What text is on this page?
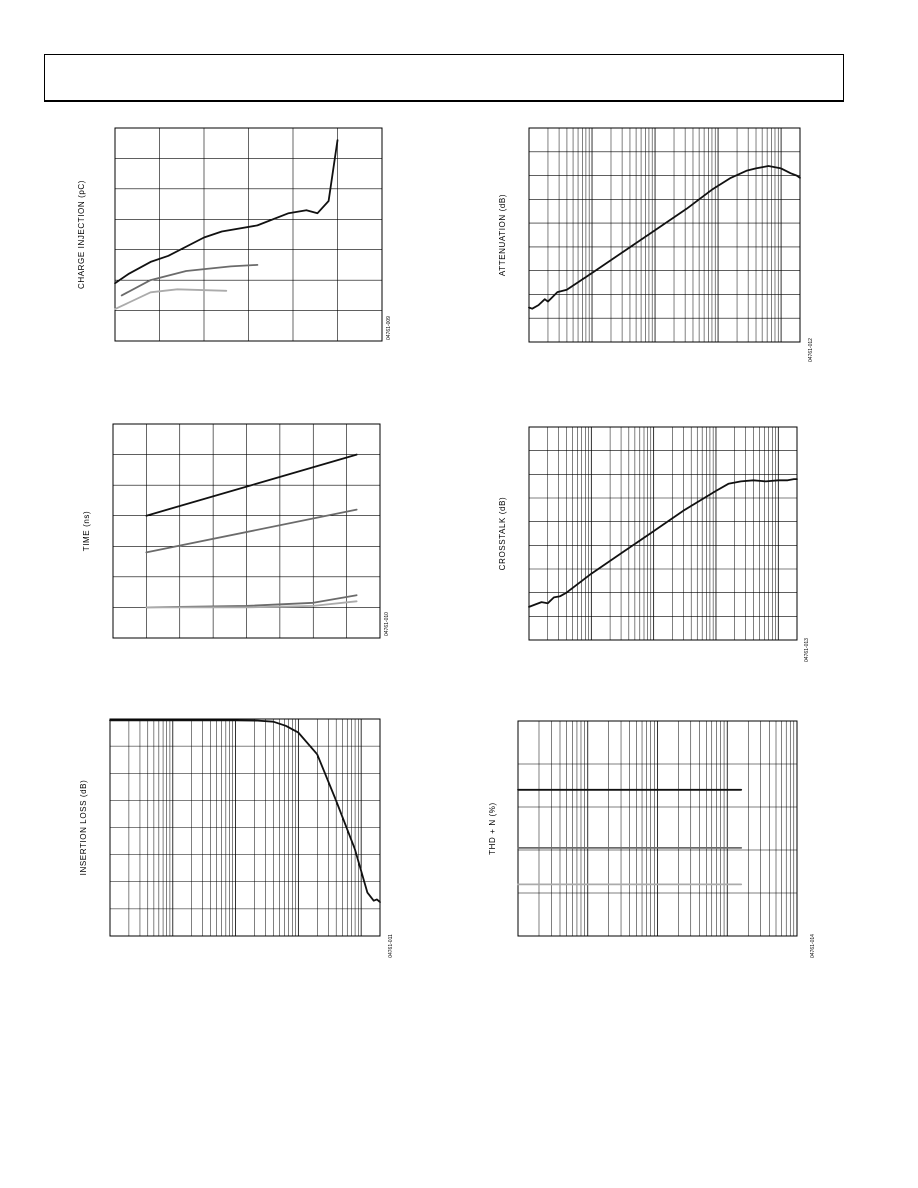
CHARGE INJECTION (pC)
04761-009
TIME (ns)
04761-010
INSERTION LOSS (dB)
04761-011
ATTENUATION (dB)
04761-012
CROSSTALK (dB)
04761-013
THD + N (%)
04761-014
